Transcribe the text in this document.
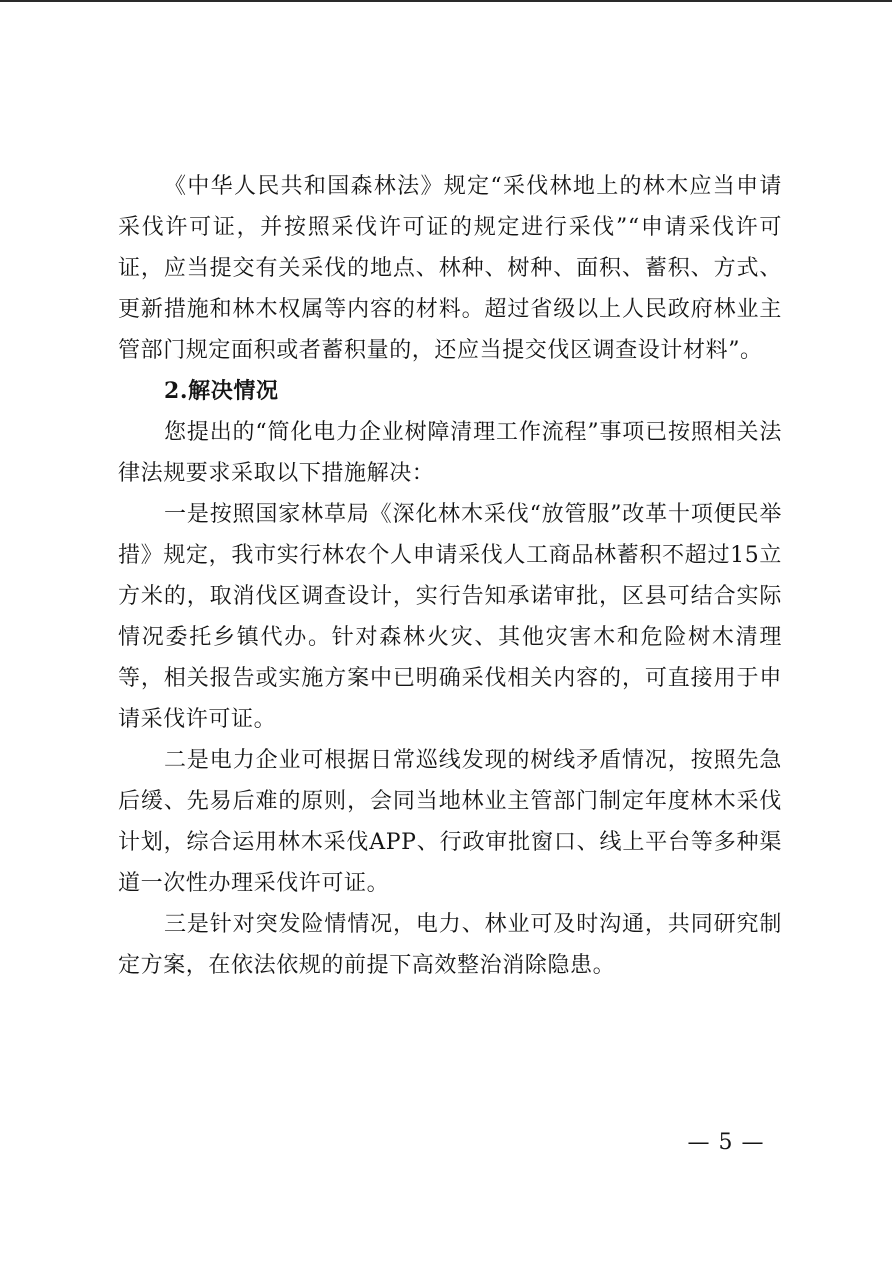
《中华人民共和国森林法》规定“采伐林地上的林木应当申请采伐许可证，并按照采伐许可证的规定进行采伐”“申请采伐许可证，应当提交有关采伐的地点、林种、树种、面积、蓄积、方式、更新措施和林木权属等内容的材料。超过省级以上人民政府林业主管部门规定面积或者蓄积量的，还应当提交伐区调查设计材料”。

2.解决情况

您提出的“简化电力企业树障清理工作流程”事项已按照相关法律法规要求采取以下措施解决：

一是按照国家林草局《深化林木采伐“放管服”改革十项便民举措》规定，我市实行林农个人申请采伐人工商品林蓄积不超过15立方米的，取消伐区调查设计，实行告知承诺审批，区县可结合实际情况委托乡镇代办。针对森林火灾、其他灾害木和危险树木清理等，相关报告或实施方案中已明确采伐相关内容的，可直接用于申请采伐许可证。

二是电力企业可根据日常巡线发现的树线矛盾情况，按照先急后缓、先易后难的原则，会同当地林业主管部门制定年度林木采伐计划，综合运用林木采伐APP、行政审批窗口、线上平台等多种渠道一次性办理采伐许可证。

三是针对突发险情情况，电力、林业可及时沟通，共同研究制定方案，在依法依规的前提下高效整治消除隐患。

— 5 —
